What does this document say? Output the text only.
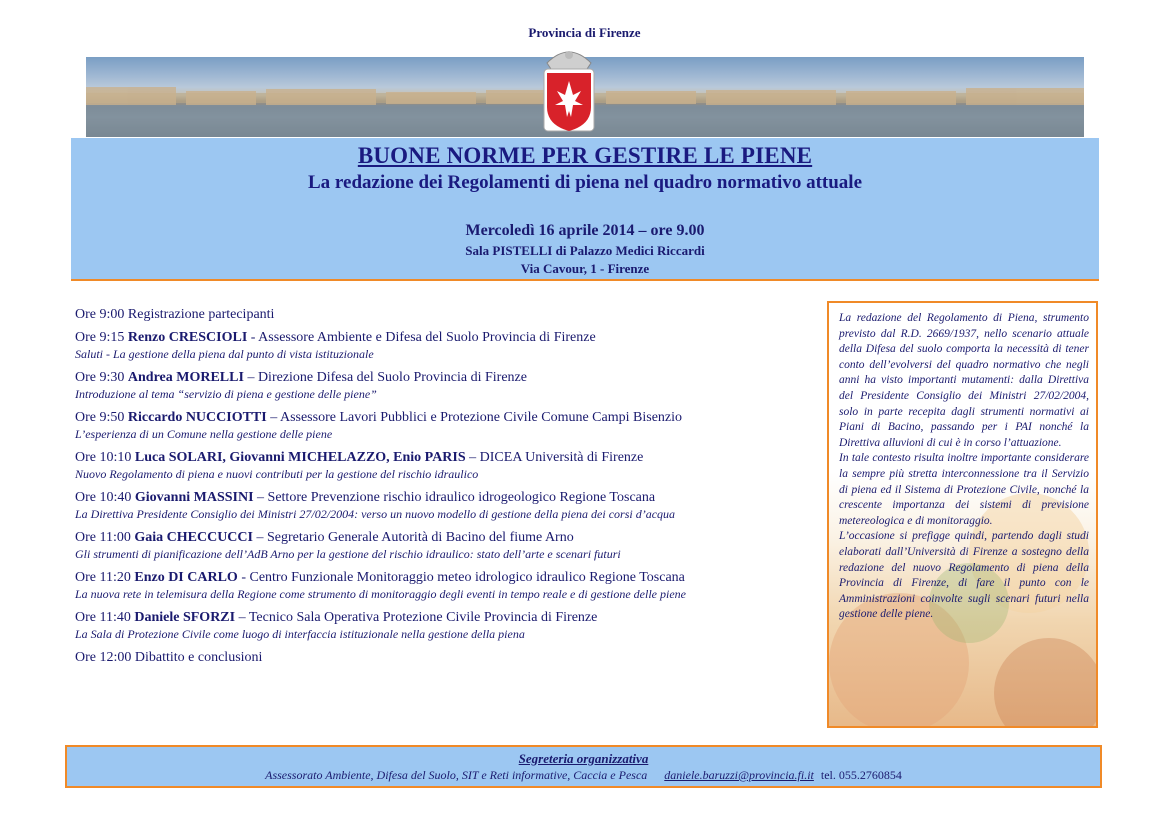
Provincia di Firenze
BUONE NORME PER GESTIRE LE PIENE
La redazione dei Regolamenti di piena nel quadro normativo attuale
Mercoledì 16 aprile 2014 – ore 9.00
Sala PISTELLI di Palazzo Medici Riccardi
Via Cavour, 1 - Firenze
Ore 9:00 Registrazione partecipanti
Ore 9:15 Renzo CRESCIOLI - Assessore Ambiente e Difesa del Suolo Provincia di Firenze
Saluti - La gestione della piena dal punto di vista istituzionale
Ore 9:30 Andrea MORELLI – Direzione Difesa del Suolo Provincia di Firenze
Introduzione al tema “servizio di piena e gestione delle piene”
Ore 9:50 Riccardo NUCCIOTTI – Assessore Lavori Pubblici e Protezione Civile Comune Campi Bisenzio
L’esperienza di un Comune nella gestione delle piene
Ore 10:10 Luca SOLARI, Giovanni MICHELAZZO, Enio PARIS – DICEA Università di Firenze
Nuovo Regolamento di piena e nuovi contributi per la gestione del rischio idraulico
Ore 10:40 Giovanni MASSINI – Settore Prevenzione rischio idraulico idrogeologico Regione Toscana
La Direttiva Presidente Consiglio dei Ministri 27/02/2004: verso un nuovo modello di gestione della piena dei corsi d’acqua
Ore 11:00 Gaia CHECCUCCI – Segretario Generale Autorità di Bacino del fiume Arno
Gli strumenti di pianificazione dell’AdB Arno per la gestione del rischio idraulico: stato dell’arte e scenari futuri
Ore 11:20 Enzo DI CARLO - Centro Funzionale Monitoraggio meteo idrologico idraulico Regione Toscana
La nuova rete in telemisura della Regione come strumento di monitoraggio degli eventi in tempo reale e di gestione delle piene
Ore 11:40 Daniele SFORZI – Tecnico Sala Operativa Protezione Civile Provincia di Firenze
La Sala di Protezione Civile come luogo di interfaccia istituzionale nella gestione della piena
Ore 12:00 Dibattito e conclusioni
La redazione del Regolamento di Piena, strumento previsto dal R.D. 2669/1937, nello scenario attuale della Difesa del suolo comporta la necessità di tener conto dell’evolversi del quadro normativo che negli anni ha visto importanti mutamenti: dalla Direttiva del Presidente Consiglio dei Ministri 27/02/2004, solo in parte recepita dagli strumenti normativi ai Piani di Bacino, passando per i PAI nonché la Direttiva alluvioni di cui è in corso l’attuazione.
In tale contesto risulta inoltre importante considerare la sempre più stretta interconnessione tra il Servizio di piena ed il Sistema di Protezione Civile, nonché la crescente importanza dei sistemi di previsione metereologica e di monitoraggio.
L’occasione si prefigge quindi, partendo dagli studi elaborati dall’Università di Firenze a sostegno della redazione del nuovo Regolamento di piena della Provincia di Firenze, di fare il punto con le Amministrazioni coinvolte sugli scenari futuri nella gestione delle piene.
Segreteria organizzativa
Assessorato Ambiente, Difesa del Suolo, SIT e Reti informative, Caccia e Pesca daniele.baruzzi@provincia.fi.it tel. 055.2760854
